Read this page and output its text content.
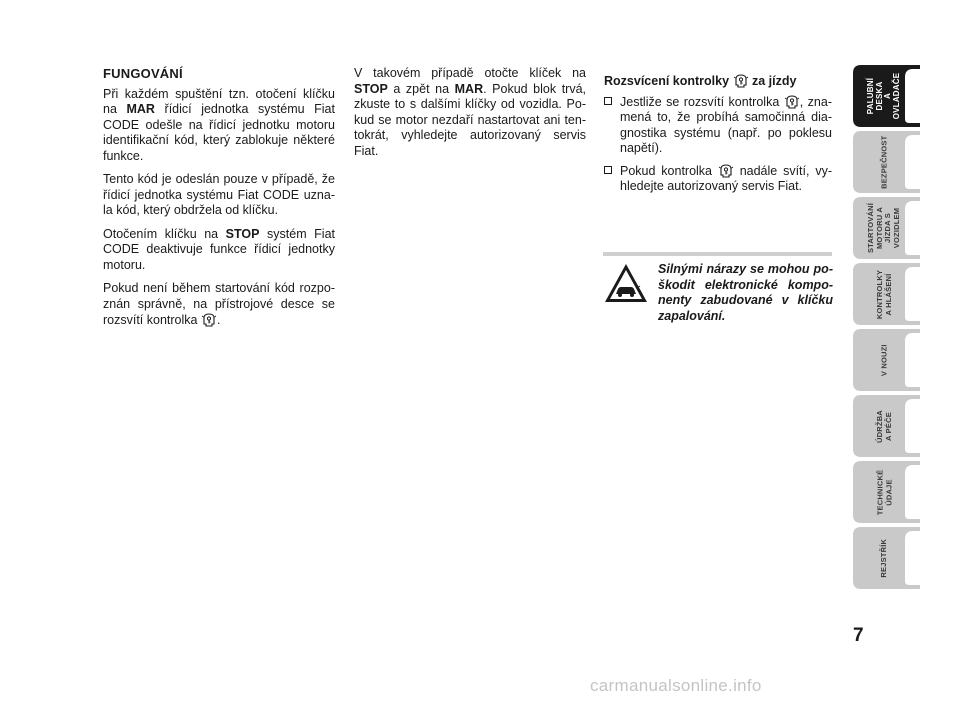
FUNGOVÁNÍ

Při každém spuštění tzn. otočení klíčku na MAR řídicí jednotka systému Fiat CODE odešle na řídicí jednotku motoru identifikační kód, který zablokuje některé funkce.

Tento kód je odeslán pouze v případě, že řídicí jednotka systému Fiat CODE uznala kód, který obdržela od klíčku.

Otočením klíčku na STOP systém Fiat CODE deaktivuje funkce řídicí jednotky motoru.

Pokud není během startování kód rozpoznán správně, na přístrojové desce se rozsvítí kontrolka
.

V takovém případě otočte klíček na STOP a zpět na MAR. Pokud blok trvá, zkuste to s dalšími klíčky od vozidla. Pokud se motor nezdaří nastartovat ani tentokrát, vyhledejte autorizovaný servis Fiat.

Rozsvícení kontrolky
za jízdy

Jestliže se rozsvítí kontrolka
, znamená to, že probíhá samočinná diagnostika systému (např. po poklesu napětí).
Pokud kontrolka
nadále svítí, vyhledejte autorizovaný servis Fiat.
Silnými nárazy se mohou poškodit elektronické komponenty zabudované v klíčku zapalování.
PALUBNÍ DESKA
A OVLADAČE
BEZPEČNOST
STARTOVÁNÍ
MOTORU A JÍZDA S
VOZIDLEM
KONTROLKY
A HLÁŠENÍ
V NOUZI
ÚDRŽBA A PÉČE
TECHNICKÉ ÚDAJE
REJSTŘÍK
7
carmanualsonline.info
